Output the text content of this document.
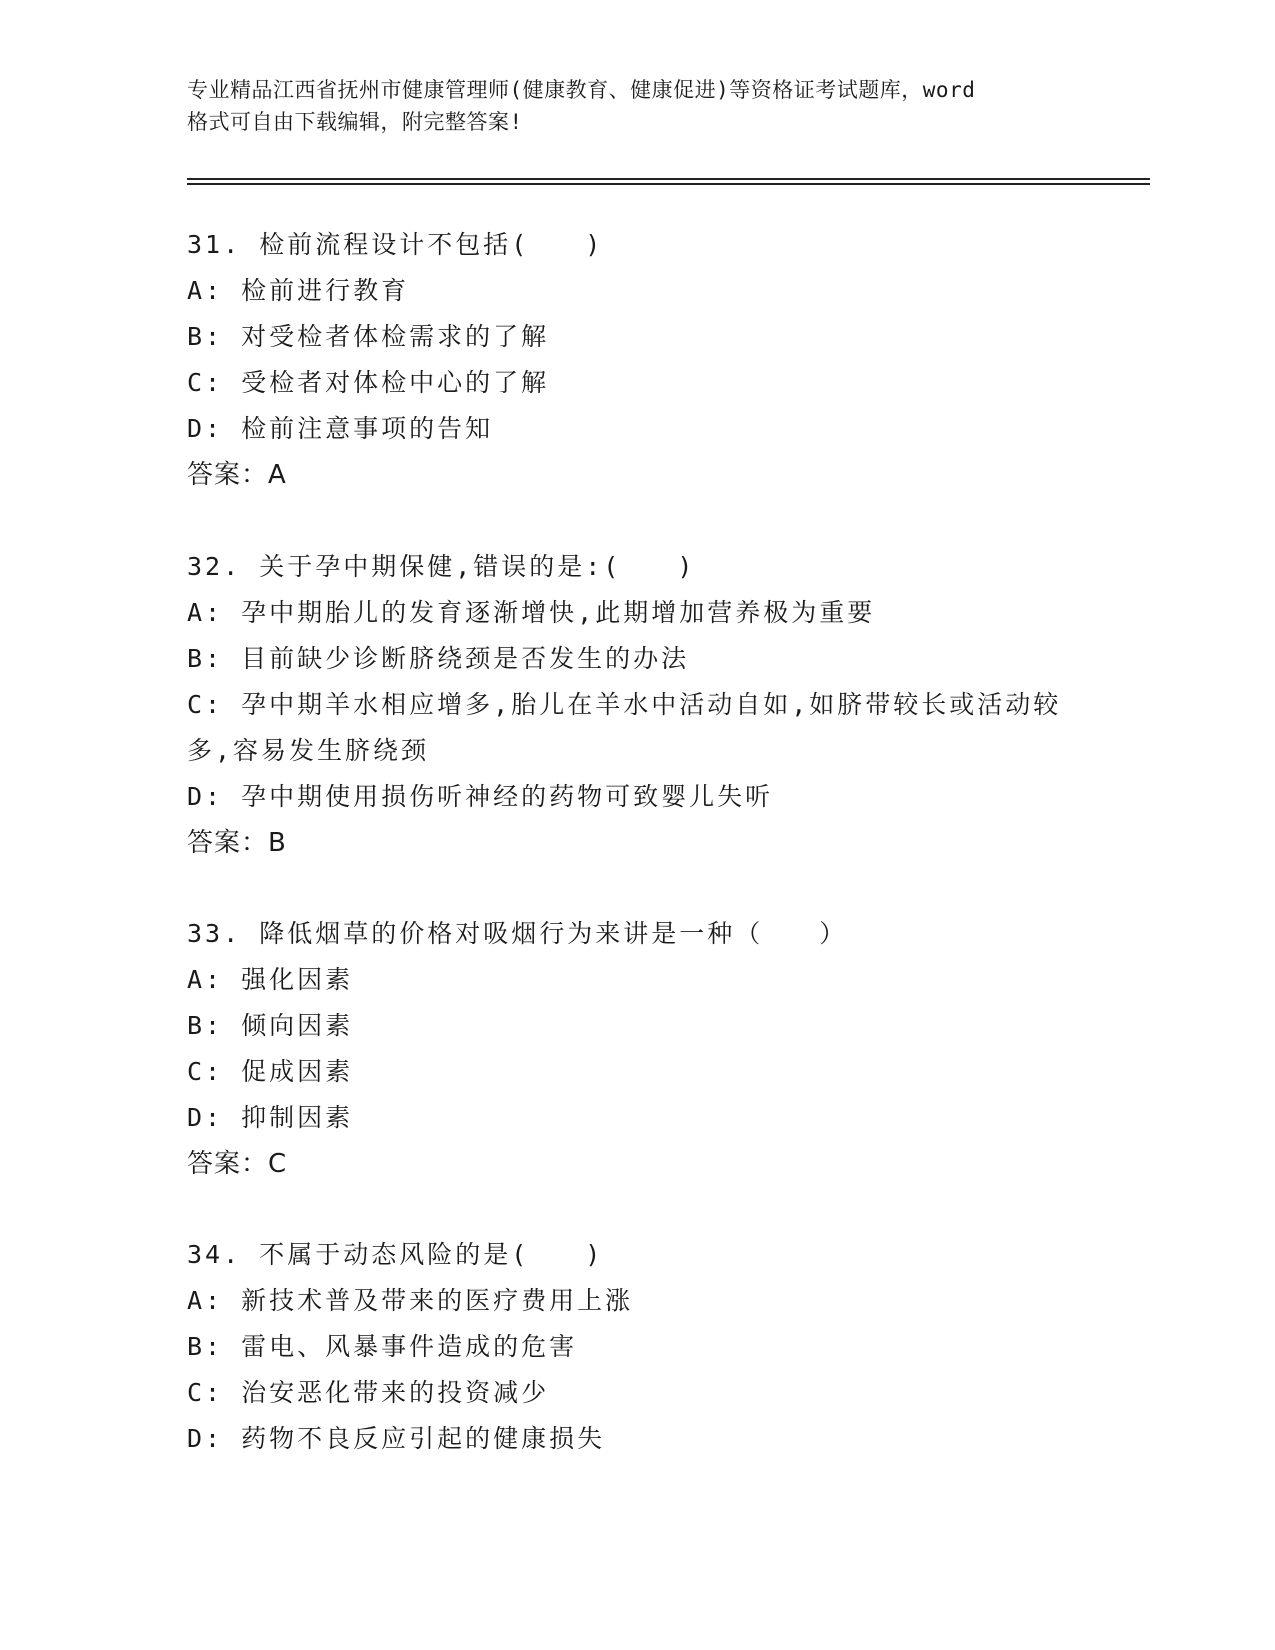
专业精品江西省抚州市健康管理师(健康教育、健康促进)等资格证考试题库，word
格式可自由下载编辑，附完整答案!
31. 检前流程设计不包括(　　)
A: 检前进行教育
B: 对受检者体检需求的了解
C: 受检者对体检中心的了解
D: 检前注意事项的告知
答案：A
32. 关于孕中期保健,错误的是:(　　)
A: 孕中期胎儿的发育逐渐增快,此期增加营养极为重要
B: 目前缺少诊断脐绕颈是否发生的办法
C: 孕中期羊水相应增多,胎儿在羊水中活动自如,如脐带较长或活动较多,容易发生脐绕颈
D: 孕中期使用损伤听神经的药物可致婴儿失听
答案：B
33. 降低烟草的价格对吸烟行为来讲是一种（　　）
A: 强化因素
B: 倾向因素
C: 促成因素
D: 抑制因素
答案：C
34. 不属于动态风险的是(　　)
A: 新技术普及带来的医疗费用上涨
B: 雷电、风暴事件造成的危害
C: 治安恶化带来的投资减少
D: 药物不良反应引起的健康损失
